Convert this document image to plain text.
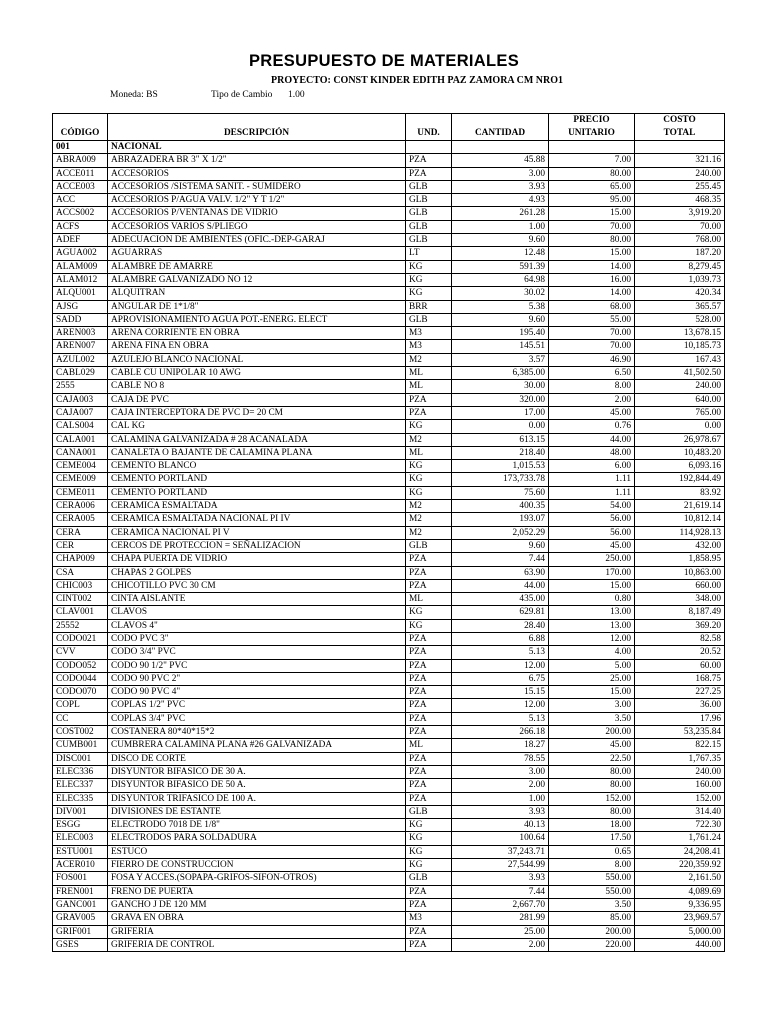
PRESUPUESTO DE MATERIALES
PROYECTO: CONST KINDER EDITH PAZ ZAMORA CM NRO1
Moneda: BS	Tipo de Cambio 1.00
				PRECIO	COSTO
CÓDIGO	DESCRIPCIÓN	UND.	CANTIDAD	UNITARIO	TOTAL
001	NACIONAL				
ABRA009	ABRAZADERA BR 3" X 1/2"	PZA	45.88	7.00	321.16
ACCE011	ACCESORIOS	PZA	3.00	80.00	240.00
ACCE003	ACCESORIOS /SISTEMA SANIT. - SUMIDERO	GLB	3.93	65.00	255.45
ACC	ACCESORIOS P/AGUA VALV. 1/2" Y T 1/2"	GLB	4.93	95.00	468.35
ACCS002	ACCESORIOS P/VENTANAS DE VIDRIO	GLB	261.28	15.00	3,919.20
ACFS	ACCESORIOS VARIOS S/PLIEGO	GLB	1.00	70.00	70.00
ADEF	ADECUACION DE AMBIENTES (OFIC.-DEP-GARAJ	GLB	9.60	80.00	768.00
AGUA002	AGUARRAS	LT	12.48	15.00	187.20
ALAM009	ALAMBRE DE AMARRE	KG	591.39	14.00	8,279.45
ALAM012	ALAMBRE GALVANIZADO NO 12	KG	64.98	16.00	1,039.73
ALQU001	ALQUITRAN	KG	30.02	14.00	420.34
AJSG	ANGULAR DE 1*1/8"	BRR	5.38	68.00	365.57
SADD	APROVISIONAMIENTO AGUA POT.-ENERG. ELECT	GLB	9.60	55.00	528.00
AREN003	ARENA CORRIENTE EN OBRA	M3	195.40	70.00	13,678.15
AREN007	ARENA FINA EN OBRA	M3	145.51	70.00	10,185.73
AZUL002	AZULEJO BLANCO NACIONAL	M2	3.57	46.90	167.43
CABL029	CABLE CU UNIPOLAR 10 AWG	ML	6,385.00	6.50	41,502.50
2555	CABLE NO 8	ML	30.00	8.00	240.00
CAJA003	CAJA DE PVC	PZA	320.00	2.00	640.00
CAJA007	CAJA INTERCEPTORA DE PVC D= 20 CM	PZA	17.00	45.00	765.00
CALS004	CAL KG	KG	0.00	0.76	0.00
CALA001	CALAMINA GALVANIZADA # 28 ACANALADA	M2	613.15	44.00	26,978.67
CANA001	CANALETA O BAJANTE DE CALAMINA PLANA	ML	218.40	48.00	10,483.20
CEME004	CEMENTO BLANCO	KG	1,015.53	6.00	6,093.16
CEME009	CEMENTO PORTLAND	KG	173,733.78	1.11	192,844.49
CEME011	CEMENTO PORTLAND	KG	75.60	1.11	83.92
CERA006	CERAMICA ESMALTADA	M2	400.35	54.00	21,619.14
CERA005	CERAMICA ESMALTADA NACIONAL PI IV	M2	193.07	56.00	10,812.14
CERA	CERAMICA NACIONAL PI V	M2	2,052.29	56.00	114,928.13
CER	CERCOS DE PROTECCION = SEÑALIZACION	GLB	9.60	45.00	432.00
CHAP009	CHAPA PUERTA DE VIDRIO	PZA	7.44	250.00	1,858.95
CSA	CHAPAS 2 GOLPES	PZA	63.90	170.00	10,863.00
CHIC003	CHICOTILLO PVC 30 CM	PZA	44.00	15.00	660.00
CINT002	CINTA AISLANTE	ML	435.00	0.80	348.00
CLAV001	CLAVOS	KG	629.81	13.00	8,187.49
25552	CLAVOS 4"	KG	28.40	13.00	369.20
CODO021	CODO PVC 3"	PZA	6.88	12.00	82.58
CVV	CODO 3/4" PVC	PZA	5.13	4.00	20.52
CODO052	CODO 90 1/2" PVC	PZA	12.00	5.00	60.00
CODO044	CODO 90 PVC 2"	PZA	6.75	25.00	168.75
CODO070	CODO 90 PVC 4"	PZA	15.15	15.00	227.25
COPL	COPLAS 1/2" PVC	PZA	12.00	3.00	36.00
CC	COPLAS 3/4" PVC	PZA	5.13	3.50	17.96
COST002	COSTANERA 80*40*15*2	PZA	266.18	200.00	53,235.84
CUMB001	CUMBRERA CALAMINA PLANA #26 GALVANIZADA	ML	18.27	45.00	822.15
DISC001	DISCO DE CORTE	PZA	78.55	22.50	1,767.35
ELEC336	DISYUNTOR BIFASICO DE 30 A.	PZA	3.00	80.00	240.00
ELEC337	DISYUNTOR BIFASICO DE 50 A.	PZA	2.00	80.00	160.00
ELEC335	DISYUNTOR TRIFASICO DE 100 A.	PZA	1.00	152.00	152.00
DIV001	DIVISIONES DE ESTANTE	GLB	3.93	80.00	314.40
ESGG	ELECTRODO 7018 DE 1/8"	KG	40.13	18.00	722.30
ELEC003	ELECTRODOS PARA SOLDADURA	KG	100.64	17.50	1,761.24
ESTU001	ESTUCO	KG	37,243.71	0.65	24,208.41
ACER010	FIERRO DE CONSTRUCCION	KG	27,544.99	8.00	220,359.92
FOS001	FOSA Y ACCES.(SOPAPA-GRIFOS-SIFON-OTROS)	GLB	3.93	550.00	2,161.50
FREN001	FRENO DE PUERTA	PZA	7.44	550.00	4,089.69
GANC001	GANCHO J DE 120 MM	PZA	2,667.70	3.50	9,336.95
GRAV005	GRAVA EN OBRA	M3	281.99	85.00	23,969.57
GRIF001	GRIFERIA	PZA	25.00	200.00	5,000.00
GSES	GRIFERIA DE CONTROL	PZA	2.00	220.00	440.00
